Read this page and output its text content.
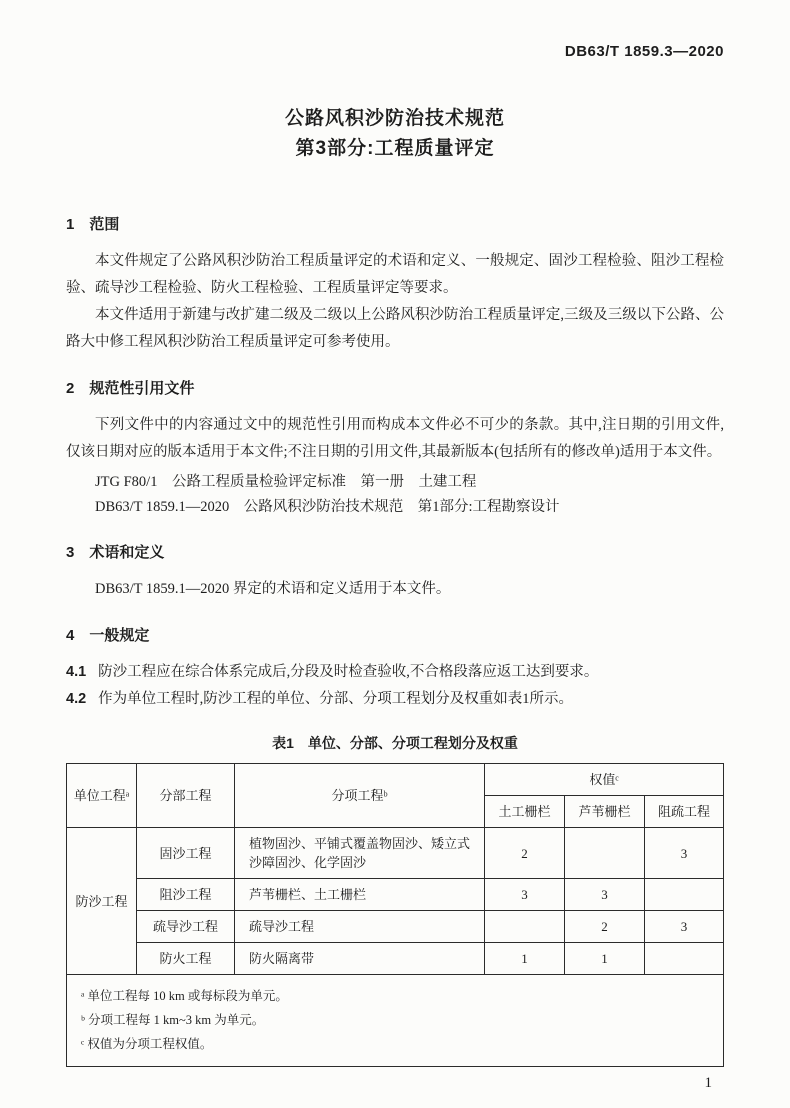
DB63/T 1859.3—2020
公路风积沙防治技术规范
第3部分:工程质量评定
1　范围

本文件规定了公路风积沙防治工程质量评定的术语和定义、一般规定、固沙工程检验、阻沙工程检验、疏导沙工程检验、防火工程检验、工程质量评定等要求。

本文件适用于新建与改扩建二级及二级以上公路风积沙防治工程质量评定,三级及三级以下公路、公路大中修工程风积沙防治工程质量评定可参考使用。

2　规范性引用文件

下列文件中的内容通过文中的规范性引用而构成本文件必不可少的条款。其中,注日期的引用文件,仅该日期对应的版本适用于本文件;不注日期的引用文件,其最新版本(包括所有的修改单)适用于本文件。

JTG F80/1　公路工程质量检验评定标准　第一册　土建工程
DB63/T 1859.1—2020　公路风积沙防治技术规范　第1部分:工程勘察设计
3　术语和定义

DB63/T 1859.1—2020 界定的术语和定义适用于本文件。

4　一般规定

4.1 防沙工程应在综合体系完成后,分段及时检查验收,不合格段落应返工达到要求。

4.2 作为单位工程时,防沙工程的单位、分部、分项工程划分及权重如表1所示。

表1　单位、分部、分项工程划分及权重
单位工程ᵃ	分部工程	分项工程ᵇ	权值ᶜ		
			土工栅栏	芦苇栅栏	阻疏工程
防沙工程	固沙工程	植物固沙、平铺式覆盖物固沙、矮立式沙障固沙、化学固沙	2		3
	阻沙工程	芦苇栅栏、土工栅栏	3	3	
	疏导沙工程	疏导沙工程		2	3
	防火工程	防火隔离带	1	1	

ᵃ 单位工程每 10 km 或每标段为单元。
ᵇ 分项工程每 1 km~3 km 为单元。
ᶜ 权值为分项工程权值。					
1
